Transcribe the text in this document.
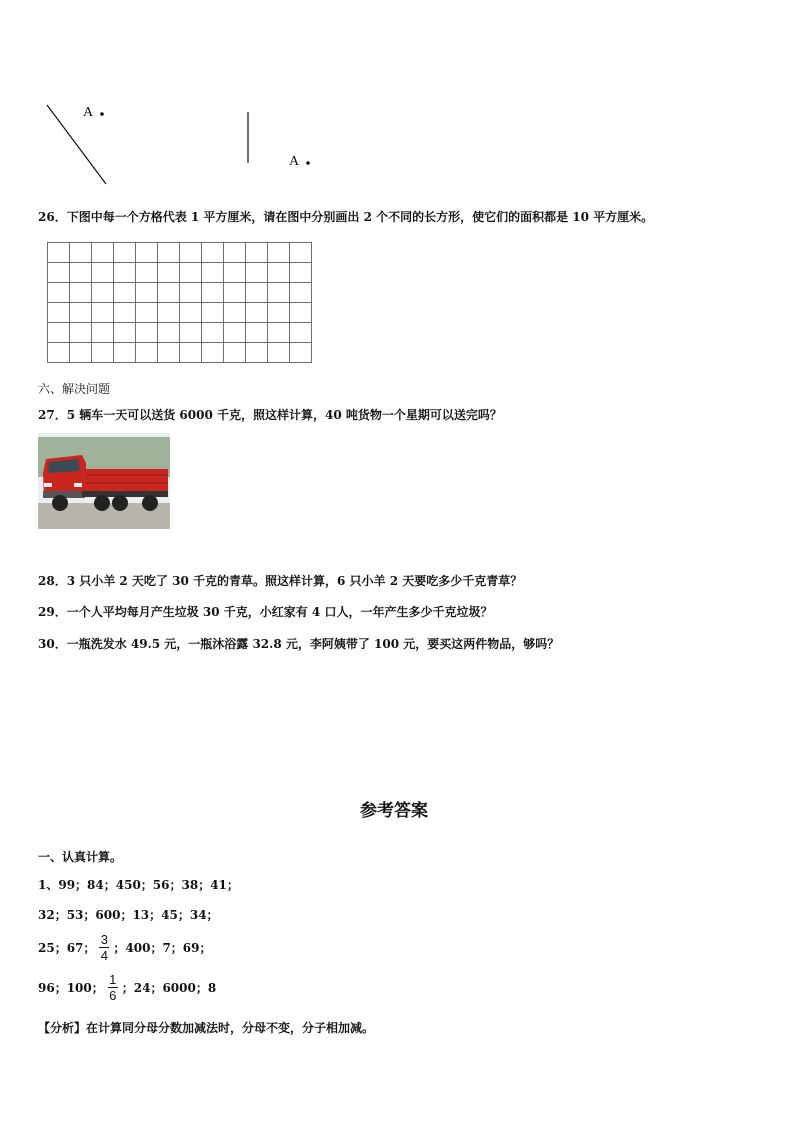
A
A
26．下图中每一个方格代表 1 平方厘米，请在图中分别画出 2 个不同的长方形，使它们的面积都是 10 平方厘米。
六、解决问题
27．5 辆车一天可以送货 6000 千克，照这样计算，40 吨货物一个星期可以送完吗？
28．3 只小羊 2 天吃了 30 千克的青草。照这样计算，6 只小羊 2 天要吃多少千克青草？
29．一个人平均每月产生垃圾 30 千克，小红家有 4 口人，一年产生多少千克垃圾？
30．一瓶洗发水 49.5 元，一瓶沐浴露 32.8 元，李阿姨带了 100 元，要买这两件物品，够吗？
参考答案
一、认真计算。
1、99；84；450；56；38；41；
32；53；600；13；45；34；
25；67； $\frac{3}{4}$ ；400；7；69；
96；100； $\frac{1}{6}$ ；24；6000；8
【分析】在计算同分母分数加减法时，分母不变，分子相加减。
